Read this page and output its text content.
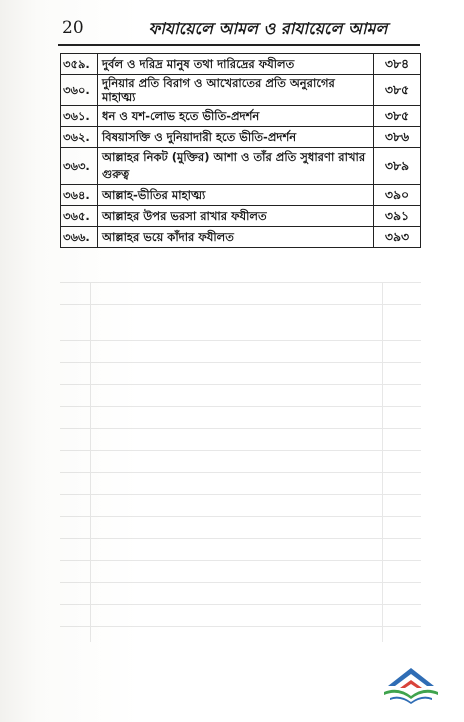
20	ফাযায়েলে আমল ও রাযায়েলে আমল
৩৫৯.	দুর্বল ও দরিদ্র মানুষ তথা দারিদ্রের ফযীলত	৩৮৪
৩৬০.	দুনিয়ার প্রতি বিরাগ ও আখেরাতের প্রতি অনুরাগের মাহাত্ম্য	৩৮৫
৩৬১.	ধন ও যশ-লোভ হতে ভীতি-প্রদর্শন	৩৮৫
৩৬২.	বিষয়াসক্তি ও দুনিয়াদারী হতে ভীতি-প্রদর্শন	৩৮৬
৩৬৩.	আল্লাহর নিকট (মুক্তির) আশা ও তাঁর প্রতি সুধারণা রাখার গুরুত্ব	৩৮৯
৩৬৪.	আল্লাহ-ভীতির মাহাত্ম্য	৩৯০
৩৬৫.	আল্লাহর উপর ভরসা রাখার ফযীলত	৩৯১
৩৬৬.	আল্লাহর ভয়ে কাঁদার ফযীলত	৩৯৩
